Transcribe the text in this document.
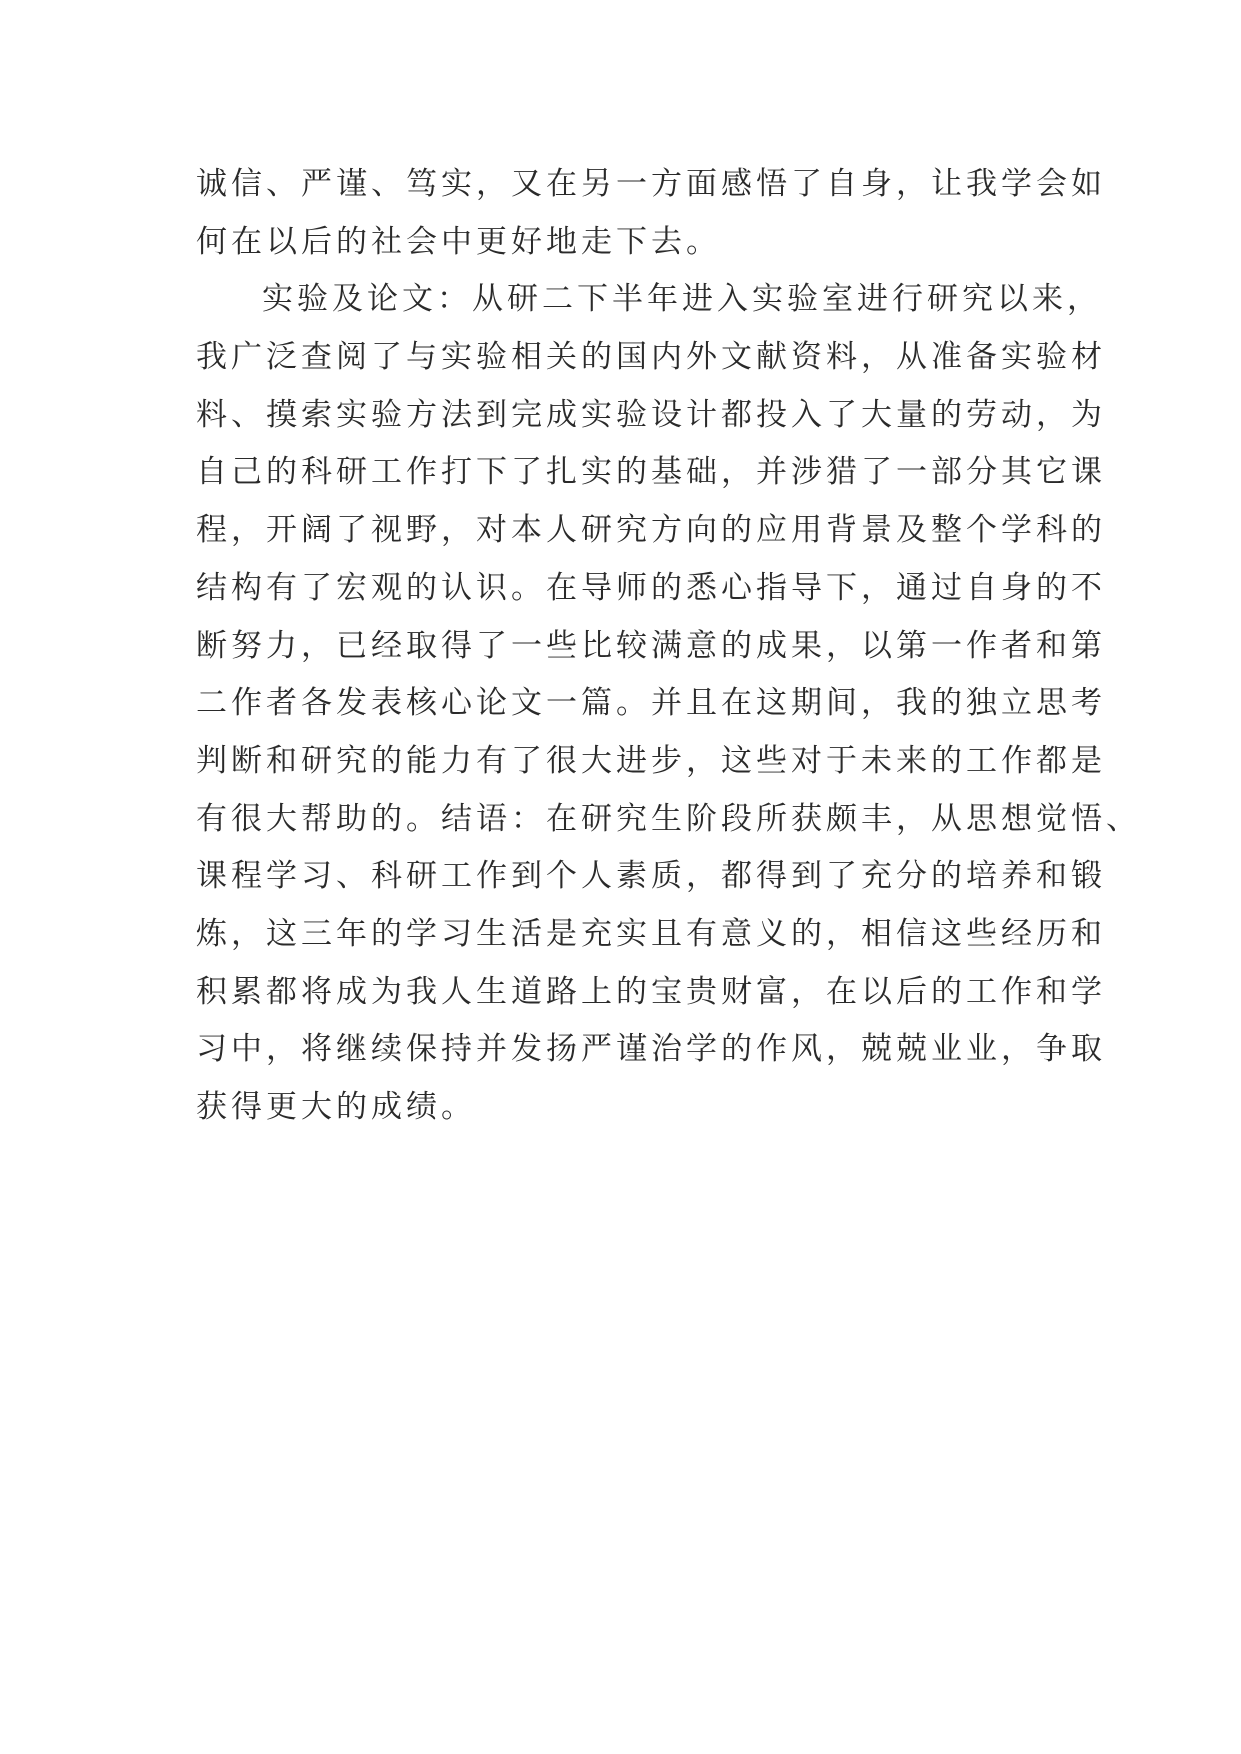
诚信、严谨、笃实，又在另一方面感悟了自身，让我学会如
何在以后的社会中更好地走下去。
实验及论文：从研二下半年进入实验室进行研究以来，
我广泛查阅了与实验相关的国内外文献资料，从准备实验材
料、摸索实验方法到完成实验设计都投入了大量的劳动，为
自己的科研工作打下了扎实的基础，并涉猎了一部分其它课
程，开阔了视野，对本人研究方向的应用背景及整个学科的
结构有了宏观的认识。在导师的悉心指导下，通过自身的不
断努力，已经取得了一些比较满意的成果，以第一作者和第
二作者各发表核心论文一篇。并且在这期间，我的独立思考
判断和研究的能力有了很大进步，这些对于未来的工作都是
有很大帮助的。结语：在研究生阶段所获颇丰，从思想觉悟、
课程学习、科研工作到个人素质，都得到了充分的培养和锻
炼，这三年的学习生活是充实且有意义的，相信这些经历和
积累都将成为我人生道路上的宝贵财富，在以后的工作和学
习中，将继续保持并发扬严谨治学的作风，兢兢业业，争取
获得更大的成绩。
